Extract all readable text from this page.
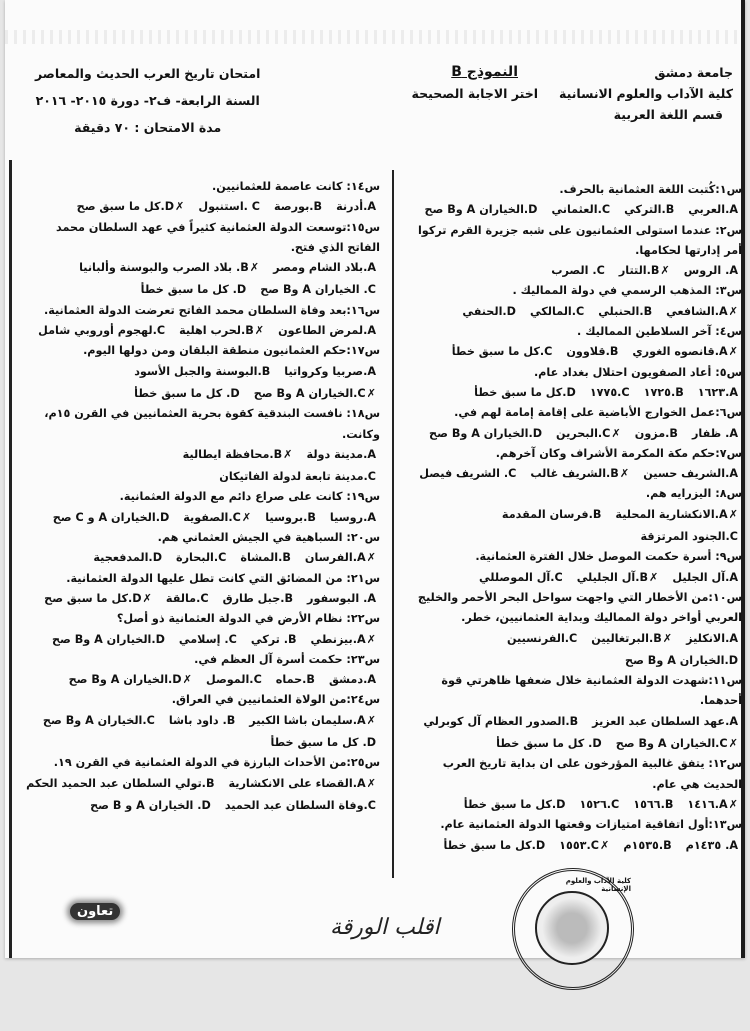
جامعة دمشق
كلية الآداب والعلوم الانسانية
قسم اللغة العربية
النموذج B
اختر الاجابة الصحيحة
امتحان تاريخ العرب الحديث والمعاصر
السنة الرابعة- ف٢- دورة ٢٠١٥- ٢٠١٦
مدة الامتحان : ٧٠ دقيقة

س١:كُتبت اللغة العثمانية بالحرف.

A.العربي
B.التركي
C.العثماني
D.الخياران A وB صح

س٢: عندما استولى العثمانيون على شبه جزيرة القرم تركوا أمر إدارتها لحكامها.

A. الروس
✗ B.التتار
C. الصرب

س٣: المذهب الرسمي في دولة المماليك .

✗ A.الشافعي
B.الحنبلي
C.المالكي
D.الحنفي

س٤: آخر السلاطين المماليك .

✗ A.قانصوه الغوري
B.قلاوون
C.كل ما سبق خطأ

س٥: أعاد الصفويون احتلال بغداد عام.

A.١٦٢٣
B.١٧٢٥
C.١٧٧٥
D.كل ما سبق خطأ

س٦:عمل الخوارج الأباضية على إقامة إمامة لهم في.

A. ظفار
B.مزون
✗ C.البحرين
D.الخياران A وB صح

س٧:حكم مكة المكرمة الأشراف وكان آخرهم.

A.الشريف حسين
✗ B.الشريف غالب
C. الشريف فيصل

س٨: اليزرايه هم.

✗ A.الانكشارية المحلية
B.فرسان المقدمة
C.الجنود المرتزقة

س٩: أسرة حكمت الموصل خلال الفترة العثمانية.

A.آل الجليل
✗ B.آل الجليلي
C.آل الموصللي

س١٠:من الأخطار التي واجهت سواحل البحر الأحمر والخليج العربي أواخر دولة المماليك وبداية العثمانيين، خطر.

A.الانكليز
✗ B.البرتغاليين
C.الفرنسيين
D.الخياران A وB صح

س١١:شهدت الدولة العثمانية خلال ضعفها ظاهرتي قوة أحدهما.

A.عهد السلطان عبد العزيز
B.الصدور العظام آل كوبرلي
✗ C.الخياران A وB صح
D. كل ما سبق خطأ

س١٢: يتفق غالبية المؤرخون على ان بداية تاريخ العرب الحديث هي عام.

✗ A.١٤١٦
B.١٥٦٦
C.١٥٢٦
D.كل ما سبق خطأ

س١٣:أول اتفاقية امتيازات وقعتها الدولة العثمانية عام.

A. ١٤٣٥م
B.١٥٣٥م
✗ C.١٥٥٣
D.كل ما سبق خطأ

س١٤: كانت عاصمة للعثمانيين.

A.أدرنة
B.بورصة
C .استنبول
✗ D.كل ما سبق صح

س١٥:توسعت الدولة العثمانية كثيراً في عهد السلطان محمد الفاتح الذي فتح.

A.بلاد الشام ومصر
✗ B. بلاد الصرب والبوسنة وألبانيا
C. الخياران A وB صح
D. كل ما سبق خطأ

س١٦:بعد وفاة السلطان محمد الفاتح تعرضت الدولة العثمانية.

A.لمرض الطاعون
✗ B.لحرب اهلية
C.لهجوم أوروبي شامل

س١٧:حكم العثمانيون منطقة البلقان ومن دولها اليوم.

A.صربيا وكرواتيا
B.البوسنة والجبل الأسود
✗ C.الخياران A وB صح
D. كل ما سبق خطأ

س١٨: نافست البندقية كقوة بحرية العثمانيين في القرن ١٥م، وكانت.

A.مدينة دولة
✗ B.محافظة ايطالية
C.مدينة تابعة لدولة الفاتيكان

س١٩: كانت على صراع دائم مع الدولة العثمانية.

A.روسيا
B.بروسيا
✗ C.الصفوية
D.الخياران A و C صح

س٢٠: السباهية في الجيش العثماني هم.

✗ A.الفرسان
B.المشاة
C.البحارة
D.المدفعجية

س٢١: من المضائق التي كانت تطل عليها الدولة العثمانية.

A. البوسفور
B.جبل طارق
C.مالقة
✗ D.كل ما سبق صح

س٢٢: نظام الأرض في الدولة العثمانية ذو أصل؟

✗ A.بيزنطي
B. تركي
C. إسلامي
D.الخياران A وB صح

س٢٣: حكمت أسرة آل العظم في.

A.دمشق
B.حماه
C.الموصل
✗ D.الخياران A وB صح

س٢٤:من الولاة العثمانيين في العراق.

✗ A.سليمان باشا الكبير
B. داود باشا
C.الخياران A وB صح
D. كل ما سبق خطأ

س٢٥:من الأحداث البارزة في الدولة العثمانية في القرن ١٩.

✗ A.القضاء على الانكشارية
B.تولي السلطان عبد الحميد الحكم
C.وفاة السلطان عبد الحميد
D. الخياران A و B صح
تعاون
اقلب الورقة
كلية الآداب والعلوم الإنسانية
